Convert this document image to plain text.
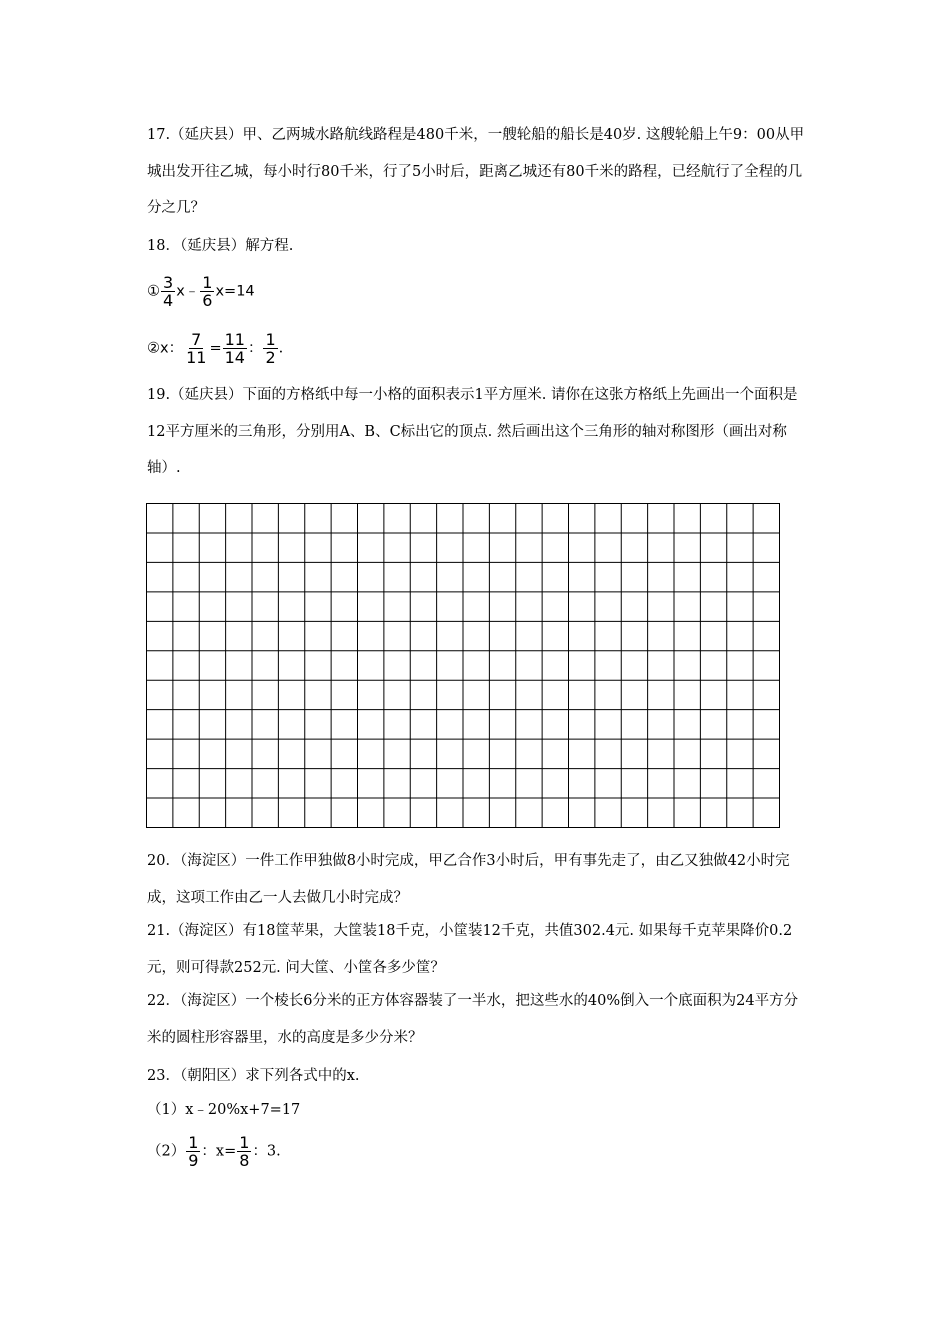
17.（延庆县）甲、乙两城水路航线路程是480千米，一艘轮船的船长是40岁. 这艘轮船上午9：00从甲城出发开往乙城，每小时行80千米，行了5小时后，距离乙城还有80千米的路程，已经航行了全程的几分之几？

18．（延庆县）解方程.
① $\frac{3}{4}$ x﹣ $\frac{1}{6} x=14$
②x： $\frac{7}{11} = \frac{11}{14}$ ： $\frac{1}{2}$ .

19.（延庆县）下面的方格纸中每一小格的面积表示1平方厘米. 请你在这张方格纸上先画出一个面积是12平方厘米的三角形，分别用A、B、C标出它的顶点. 然后画出这个三角形的轴对称图形（画出对称轴）.

20．（海淀区）一件工作甲独做8小时完成，甲乙合作3小时后，甲有事先走了，由乙又独做42小时完成，这项工作由乙一人去做几小时完成？

21.（海淀区）有18筐苹果，大筐装18千克，小筐装12千克，共值302.4元. 如果每千克苹果降价0.2元，则可得款252元. 问大筐、小筐各多少筐？

22．（海淀区）一个棱长6分米的正方体容器装了一半水，把这些水的40%倒入一个底面积为24平方分米的圆柱形容器里，水的高度是多少分米？

23．（朝阳区）求下列各式中的x.
（1）x﹣20%x+7=17
$(2) \frac{1}{9}$ ：$x= \frac{1}{8}$ ：3.
